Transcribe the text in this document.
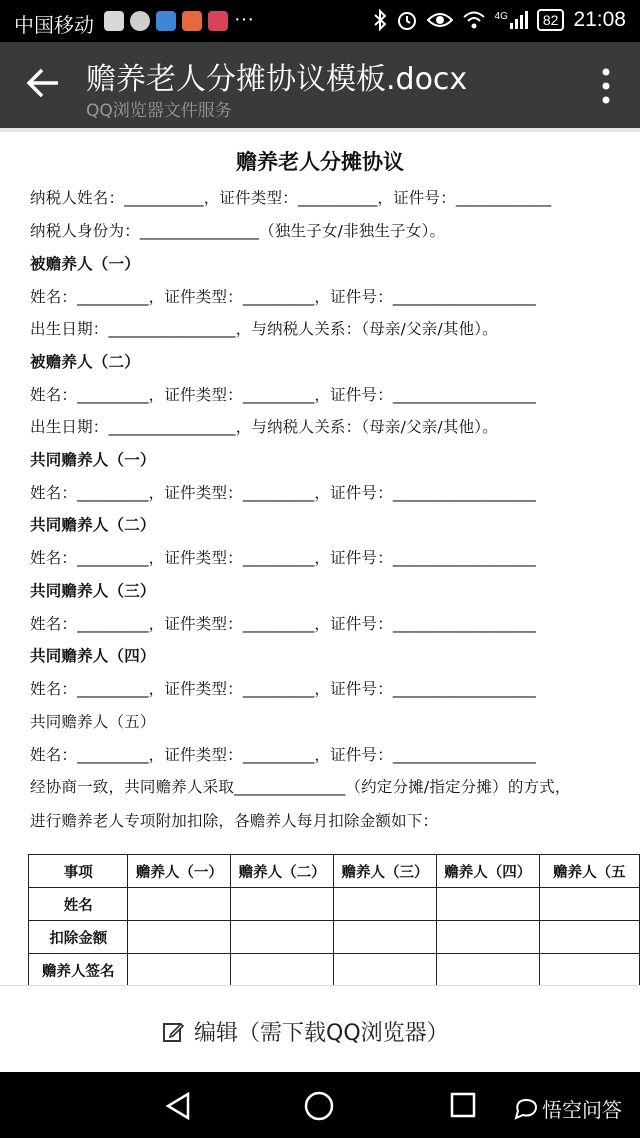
中国移动	···	4G	82 21:08
赡养老人分摊协议模板.docx
QQ浏览器文件服务
赡养老人分摊协议
纳税人姓名：__________，证件类型：__________，证件号：____________
纳税人身份为：_______________（独生子女/非独生子女）。
被赡养人（一）
姓名：_________，证件类型：_________，证件号：__________________
出生日期：________________，与纳税人关系：（母亲/父亲/其他）。
被赡养人（二）
姓名：_________，证件类型：_________，证件号：__________________
出生日期：________________，与纳税人关系：（母亲/父亲/其他）。
共同赡养人（一）
姓名：_________，证件类型：_________，证件号：__________________
共同赡养人（二）
姓名：_________，证件类型：_________，证件号：__________________
共同赡养人（三）
姓名：_________，证件类型：_________，证件号：__________________
共同赡养人（四）
姓名：_________，证件类型：_________，证件号：__________________
共同赡养人（五）
姓名：_________，证件类型：_________，证件号：__________________
经协商一致，共同赡养人采取______________（约定分摊/指定分摊）的方式，
进行赡养老人专项附加扣除，各赡养人每月扣除金额如下：
事项	赡养人（一）	赡养人（二）	赡养人（三）	赡养人（四）	赡养人（五
姓名					
扣除金额					
赡养人签名					
编辑（需下载QQ浏览器）
悟空问答
